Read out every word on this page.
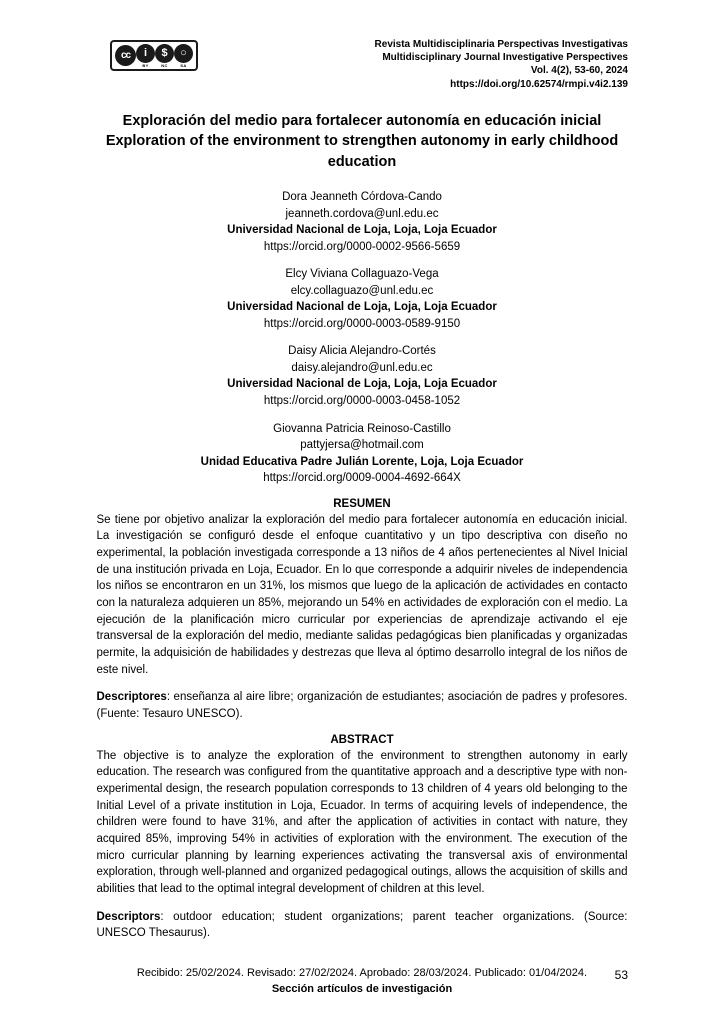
cc	i
BY
$
NC
○
SA
Revista Multidisciplinaria Perspectivas Investigativas
Multidisciplinary Journal Investigative Perspectives
Vol. 4(2), 53-60, 2024
https://doi.org/10.62574/rmpi.v4i2.139
Exploración del medio para fortalecer autonomía en educación inicial
Exploration of the environment to strengthen autonomy in early childhood education
Dora Jeanneth Córdova-Cando
jeanneth.cordova@unl.edu.ec
Universidad Nacional de Loja, Loja, Loja Ecuador
https://orcid.org/0000-0002-9566-5659
Elcy Viviana Collaguazo-Vega
elcy.collaguazo@unl.edu.ec
Universidad Nacional de Loja, Loja, Loja Ecuador
https://orcid.org/0000-0003-0589-9150
Daisy Alicia Alejandro-Cortés
daisy.alejandro@unl.edu.ec
Universidad Nacional de Loja, Loja, Loja Ecuador
https://orcid.org/0000-0003-0458-1052
Giovanna Patricia Reinoso-Castillo
pattyjersa@hotmail.com
Unidad Educativa Padre Julián Lorente, Loja, Loja Ecuador
https://orcid.org/0009-0004-4692-664X
RESUMEN

Se tiene por objetivo analizar la exploración del medio para fortalecer autonomía en educación inicial. La investigación se configuró desde el enfoque cuantitativo y un tipo descriptiva con diseño no experimental, la población investigada corresponde a 13 niños de 4 años pertenecientes al Nivel Inicial de una institución privada en Loja, Ecuador. En lo que corresponde a adquirir niveles de independencia los niños se encontraron en un 31%, los mismos que luego de la aplicación de actividades en contacto con la naturaleza adquieren un 85%, mejorando un 54% en actividades de exploración con el medio. La ejecución de la planificación micro curricular por experiencias de aprendizaje activando el eje transversal de la exploración del medio, mediante salidas pedagógicas bien planificadas y organizadas permite, la adquisición de habilidades y destrezas que lleva al óptimo desarrollo integral de los niños de este nivel.

Descriptores: enseñanza al aire libre; organización de estudiantes; asociación de padres y profesores. (Fuente: Tesauro UNESCO).

ABSTRACT

The objective is to analyze the exploration of the environment to strengthen autonomy in early education. The research was configured from the quantitative approach and a descriptive type with non-experimental design, the research population corresponds to 13 children of 4 years old belonging to the Initial Level of a private institution in Loja, Ecuador. In terms of acquiring levels of independence, the children were found to have 31%, and after the application of activities in contact with nature, they acquired 85%, improving 54% in activities of exploration with the environment. The execution of the micro curricular planning by learning experiences activating the transversal axis of environmental exploration, through well-planned and organized pedagogical outings, allows the acquisition of skills and abilities that lead to the optimal integral development of children at this level.

Descriptors: outdoor education; student organizations; parent teacher organizations. (Source: UNESCO Thesaurus).

Recibido: 25/02/2024. Revisado: 27/02/2024. Aprobado: 28/03/2024. Publicado: 01/04/2024.
Sección artículos de investigación
53
